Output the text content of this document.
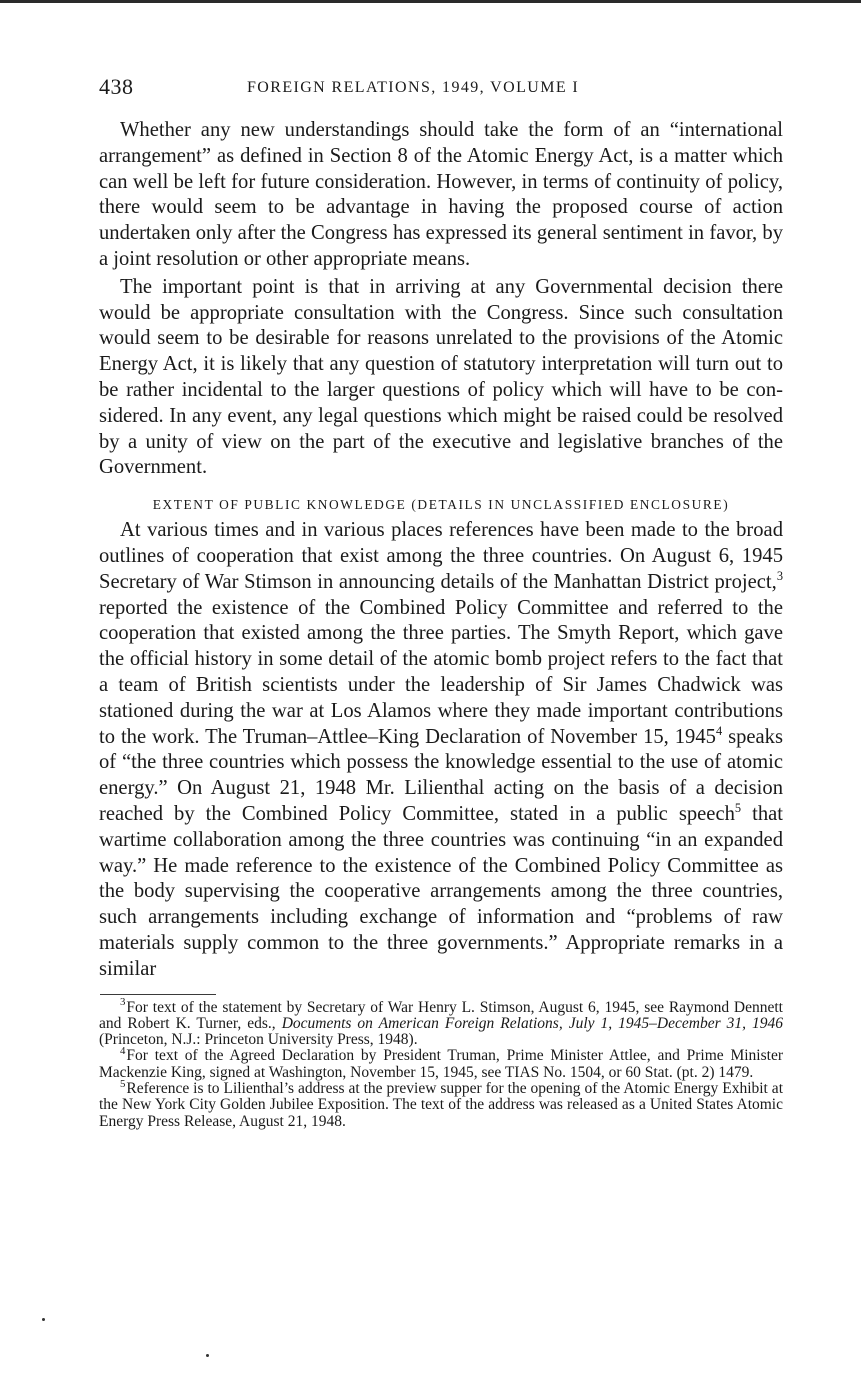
438	FOREIGN RELATIONS, 1949, VOLUME I

Whether any new understandings should take the form of an “international arrangement” as defined in Section 8 of the Atomic Energy Act, is a matter which can well be left for future consideration. However, in terms of continuity of policy, there would seem to be advantage in having the proposed course of action undertaken only after the Congress has expressed its general sentiment in favor, by a joint resolution or other appropriate means.

The important point is that in arriving at any Governmental decision there would be appropriate consultation with the Congress. Since such consultation would seem to be desirable for reasons unrelated to the provisions of the Atomic Energy Act, it is likely that any question of statutory interpretation will turn out to be rather incidental to the larger questions of policy which will have to be considered. In any event, any legal questions which might be raised could be resolved by a unity of view on the part of the executive and legislative branches of the Government.

EXTENT OF PUBLIC KNOWLEDGE (DETAILS IN UNCLASSIFIED ENCLOSURE)

At various times and in various places references have been made to the broad outlines of cooperation that exist among the three countries. On August 6, 1945 Secretary of War Stimson in announcing details of the Manhattan District project,$^3$ reported the existence of the Combined Policy Committee and referred to the cooperation that existed among the three parties. The Smyth Report, which gave the official history in some detail of the atomic bomb project refers to the fact that a team of British scientists under the leadership of Sir James Chadwick was stationed during the war at Los Alamos where they made important contributions to the work. The Truman–Attlee–King Declaration of November 15, 1945$^4$ speaks of “the three countries which possess the knowledge essential to the use of atomic energy.” On August 21, 1948 Mr. Lilienthal acting on the basis of a decision reached by the Combined Policy Committee, stated in a public speech$^5$ that wartime collaboration among the three countries was continuing “in an expanded way.” He made reference to the existence of the Combined Policy Committee as the body supervising the cooperative arrangements among the three countries, such arrangements including exchange of information and “problems of raw materials supply common to the three governments.” Appropriate remarks in a similar

$^3$For text of the statement by Secretary of War Henry L. Stimson, August 6, 1945, see Raymond Dennett and Robert K. Turner, eds., Documents on American Foreign Relations, July 1, 1945–December 31, 1946 (Princeton, N.J.: Princeton University Press, 1948).

$^4$For text of the Agreed Declaration by President Truman, Prime Minister Attlee, and Prime Minister Mackenzie King, signed at Washington, November 15, 1945, see TIAS No. 1504, or 60 Stat. (pt. 2) 1479.

$^5$Reference is to Lilienthal’s address at the preview supper for the opening of the Atomic Energy Exhibit at the New York City Golden Jubilee Exposition. The text of the address was released as a United States Atomic Energy Press Release, August 21, 1948.
